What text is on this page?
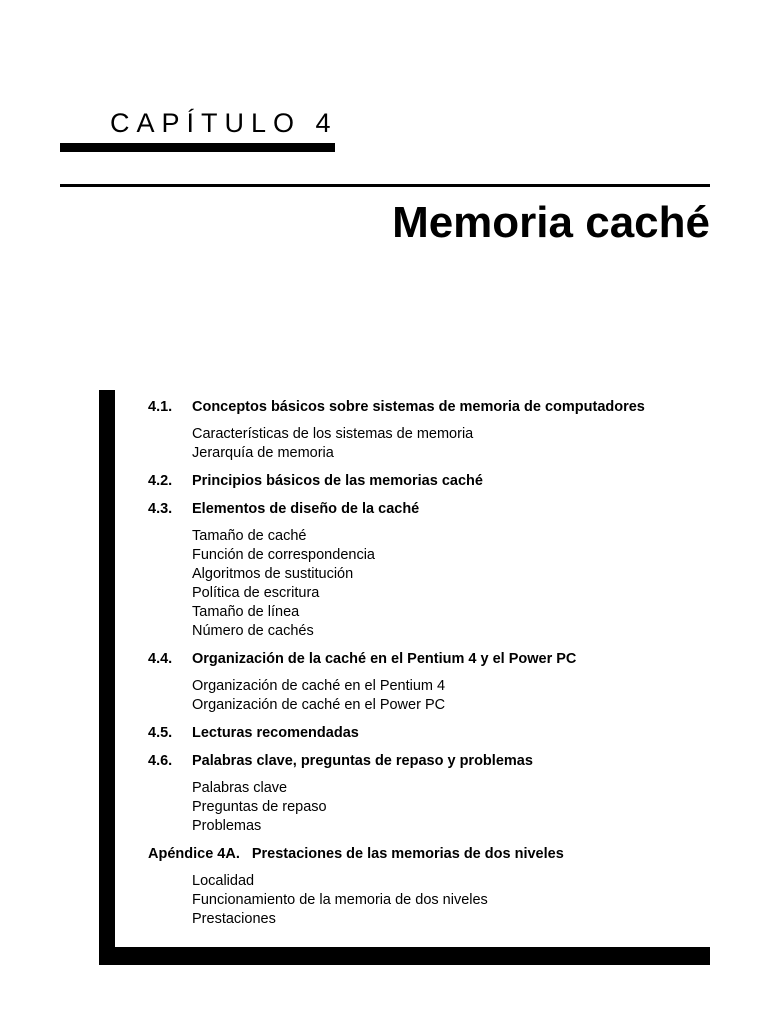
CAPÍTULO 4
Memoria caché
4.1.	Conceptos básicos sobre sistemas de memoria de computadores
Características de los sistemas de memoria
Jerarquía de memoria
4.2.	Principios básicos de las memorias caché
4.3.	Elementos de diseño de la caché
Tamaño de caché
Función de correspondencia
Algoritmos de sustitución
Política de escritura
Tamaño de línea
Número de cachés
4.4.	Organización de la caché en el Pentium 4 y el Power PC
Organización de caché en el Pentium 4
Organización de caché en el Power PC
4.5.	Lecturas recomendadas
4.6.	Palabras clave, preguntas de repaso y problemas
Palabras clave
Preguntas de repaso
Problemas
Apéndice 4A. Prestaciones de las memorias de dos niveles
Localidad
Funcionamiento de la memoria de dos niveles
Prestaciones
